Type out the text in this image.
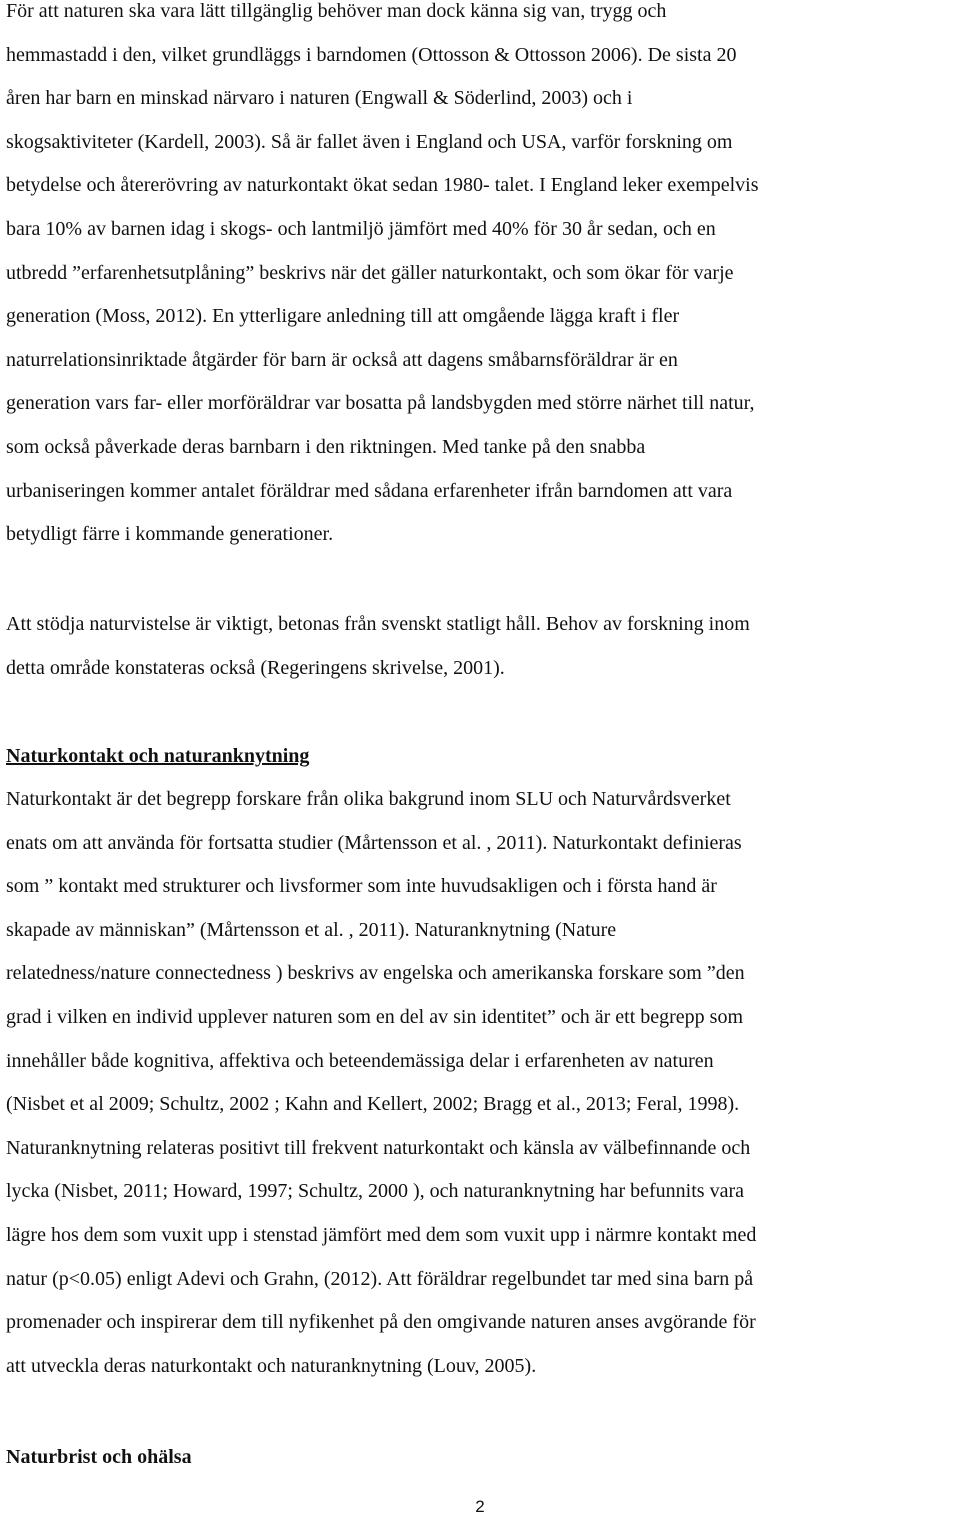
För att naturen ska vara lätt tillgänglig behöver man dock känna sig van, trygg och
hemmastadd i den, vilket grundläggs i barndomen (Ottosson & Ottosson 2006). De sista 20
åren har barn en minskad närvaro i naturen (Engwall & Söderlind, 2003) och i
skogsaktiviteter (Kardell, 2003). Så är fallet även i England och USA, varför forskning om
betydelse och återerövring av naturkontakt ökat sedan 1980- talet. I England leker exempelvis
bara 10% av barnen idag i skogs- och lantmiljö jämfört med 40% för 30 år sedan, och en
utbredd ”erfarenhetsutplåning” beskrivs när det gäller naturkontakt, och som ökar för varje
generation (Moss, 2012). En ytterligare anledning till att omgående lägga kraft i fler
naturrelationsinriktade åtgärder för barn är också att dagens småbarnsföräldrar är en
generation vars far- eller morföräldrar var bosatta på landsbygden med större närhet till natur,
som också påverkade deras barnbarn i den riktningen. Med tanke på den snabba
urbaniseringen kommer antalet föräldrar med sådana erfarenheter ifrån barndomen att vara
betydligt färre i kommande generationer.

Att stödja naturvistelse är viktigt, betonas från svenskt statligt håll. Behov av forskning inom
detta område konstateras också (Regeringens skrivelse, 2001).

Naturkontakt och naturanknytning

Naturkontakt är det begrepp forskare från olika bakgrund inom SLU och Naturvårdsverket
enats om att använda för fortsatta studier (Mårtensson et al. , 2011). Naturkontakt definieras
som ” kontakt med strukturer och livsformer som inte huvudsakligen och i första hand är
skapade av människan” (Mårtensson et al. , 2011). Naturanknytning (Nature
relatedness/nature connectedness ) beskrivs av engelska och amerikanska forskare som ”den
grad i vilken en individ upplever naturen som en del av sin identitet” och är ett begrepp som
innehåller både kognitiva, affektiva och beteendemässiga delar i erfarenheten av naturen
(Nisbet et al 2009; Schultz, 2002 ; Kahn and Kellert, 2002; Bragg et al., 2013; Feral, 1998).
Naturanknytning relateras positivt till frekvent naturkontakt och känsla av välbefinnande och
lycka (Nisbet, 2011; Howard, 1997; Schultz, 2000 ), och naturanknytning har befunnits vara
lägre hos dem som vuxit upp i stenstad jämfört med dem som vuxit upp i närmre kontakt med
natur (p<0.05) enligt Adevi och Grahn, (2012). Att föräldrar regelbundet tar med sina barn på
promenader och inspirerar dem till nyfikenhet på den omgivande naturen anses avgörande för
att utveckla deras naturkontakt och naturanknytning (Louv, 2005).

Naturbrist och ohälsa
2
